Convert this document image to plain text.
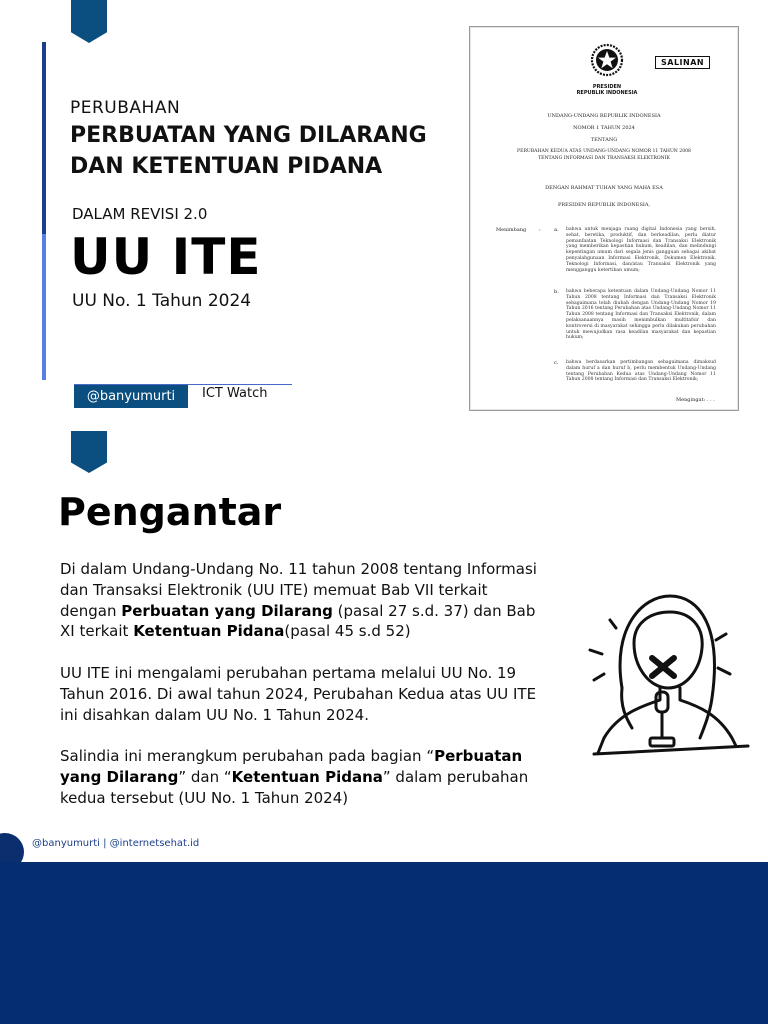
PERUBAHAN
PERBUATAN YANG DILARANG
DAN KETENTUAN PIDANA
DALAM REVISI 2.0
UU ITE
UU No. 1 Tahun 2024
@banyumurti	ICT Watch
SALINAN
PRESIDEN
REPUBLIK INDONESIA
UNDANG-UNDANG REPUBLIK INDONESIA
NOMOR 1 TAHUN 2024
TENTANG
PERUBAHAN KEDUA ATAS UNDANG-UNDANG NOMOR 11 TAHUN 2008
TENTANG INFORMASI DAN TRANSAKSI ELEKTRONIK
DENGAN RAHMAT TUHAN YANG MAHA ESA
PRESIDEN REPUBLIK INDONESIA,
Menimbang	:	a. bahwa untuk menjaga ruang digital Indonesia yang bersih, sehat, beretika, produktif, dan berkeadilan, perlu diatur pemanfaatan Teknologi Informasi dan Transaksi Elektronik yang memberikan kepastian hukum, keadilan, dan melindungi kepentingan umum dari segala jenis gangguan sebagai akibat penyalahgunaan Informasi Elektronik, Dokumen Elektronik, Teknologi Informasi, dan/atau Transaksi Elektronik yang mengganggu ketertiban umum;
b. bahwa beberapa ketentuan dalam Undang-Undang Nomor 11 Tahun 2008 tentang Informasi dan Transaksi Elektronik sebagaimana telah diubah dengan Undang-Undang Nomor 19 Tahun 2016 tentang Perubahan atas Undang-Undang Nomor 11 Tahun 2008 tentang Informasi dan Transaksi Elektronik, dalam pelaksanaannya masih menimbulkan multitafsir dan kontroversi di masyarakat sehingga perlu dilakukan perubahan untuk mewujudkan rasa keadilan masyarakat dan kepastian hukum;
c. bahwa berdasarkan pertimbangan sebagaimana dimaksud dalam huruf a dan huruf b, perlu membentuk Undang-Undang tentang Perubahan Kedua atas Undang-Undang Nomor 11 Tahun 2008 tentang Informasi dan Transaksi Elektronik;
Mengingat: . . .
Pengantar
Di dalam Undang-Undang No. 11 tahun 2008 tentang Informasi dan Transaksi Elektronik (UU ITE) memuat Bab VII terkait dengan Perbuatan yang Dilarang (pasal 27 s.d. 37) dan Bab XI terkait Ketentuan Pidana(pasal 45 s.d 52)
UU ITE ini mengalami perubahan pertama melalui UU No. 19 Tahun 2016. Di awal tahun 2024, Perubahan Kedua atas UU ITE ini disahkan dalam UU No. 1 Tahun 2024.
Salindia ini merangkum perubahan pada bagian “Perbuatan yang Dilarang” dan “Ketentuan Pidana” dalam perubahan kedua tersebut (UU No. 1 Tahun 2024)
@banyumurti | @internetsehat.id
